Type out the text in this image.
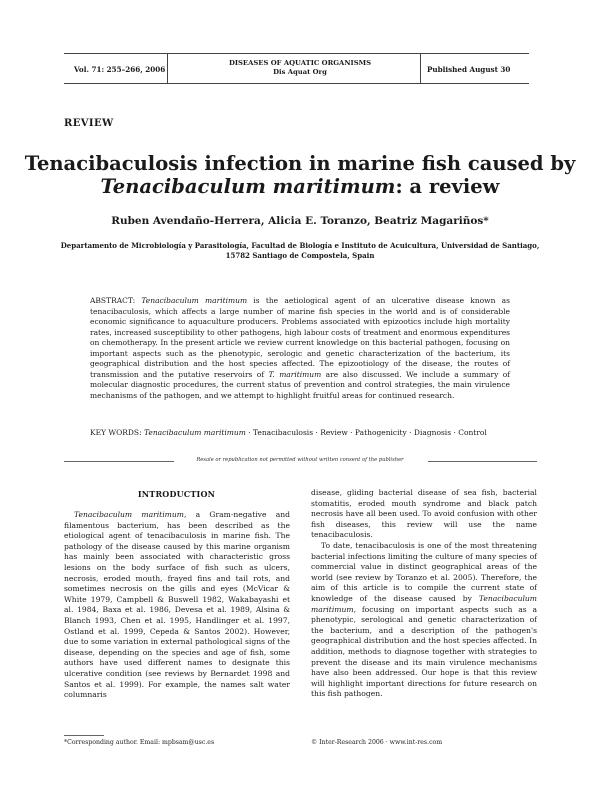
Vol. 71: 255–266, 2006
DISEASES OF AQUATIC ORGANISMS
Dis Aquat Org	Published August 30
REVIEW
Tenacibaculosis infection in marine fish caused by
Tenacibaculum maritimum: a review
Ruben Avendaño-Herrera, Alicia E. Toranzo, Beatriz Magariños*
Departamento de Microbiología y Parasitología, Facultad de Biología e Instituto de Acuicultura, Universidad de Santiago,
15782 Santiago de Compostela, Spain
ABSTRACT: Tenacibaculum maritimum is the aetiological agent of an ulcerative disease known as tenacibaculosis, which affects a large number of marine fish species in the world and is of considerable economic significance to aquaculture producers. Problems associated with epizootics include high mortality rates, increased susceptibility to other pathogens, high labour costs of treatment and enormous expenditures on chemotherapy. In the present article we review current knowledge on this bacterial pathogen, focusing on important aspects such as the phenotypic, serologic and genetic characterization of the bacterium, its geographical distribution and the host species affected. The epizootiology of the disease, the routes of transmission and the putative reservoirs of T. maritimum are also discussed. We include a summary of molecular diagnostic procedures, the current status of prevention and control strategies, the main virulence mechanisms of the pathogen, and we attempt to highlight fruitful areas for continued research.
KEY WORDS: Tenacibaculum maritimum · Tenacibaculosis · Review · Pathogenicity · Diagnosis · Control
Resale or republication not permitted without written consent of the publisher
INTRODUCTION

Tenacibaculum maritimum, a Gram-negative and filamentous bacterium, has been described as the etiological agent of tenacibaculosis in marine fish. The pathology of the disease caused by this marine organism has mainly been associated with characteristic gross lesions on the body surface of fish such as ulcers, necrosis, eroded mouth, frayed fins and tail rots, and sometimes necrosis on the gills and eyes (McVicar & White 1979, Campbell & Buswell 1982, Wakabayashi et al. 1984, Baxa et al. 1986, Devesa et al. 1989, Alsina & Blanch 1993, Chen et al. 1995, Handlinger et al. 1997, Ostland et al. 1999, Cepeda & Santos 2002). However, due to some variation in external pathological signs of the disease, depending on the species and age of fish, some authors have used different names to designate this ulcerative condition (see reviews by Bernardet 1998 and Santos et al. 1999). For example, the names salt water columnaris

disease, gliding bacterial disease of sea fish, bacterial stomatitis, eroded mouth syndrome and black patch necrosis have all been used. To avoid confusion with other fish diseases, this review will use the name tenacibaculosis.

To date, tenacibaculosis is one of the most threatening bacterial infections limiting the culture of many species of commercial value in distinct geographical areas of the world (see review by Toranzo et al. 2005). Therefore, the aim of this article is to compile the current state of knowledge of the disease caused by Tenacibaculum maritimum, focusing on important aspects such as a phenotypic, serological and genetic characterization of the bacterium, and a description of the pathogen's geographical distribution and the host species affected. In addition, methods to diagnose together with strategies to prevent the disease and its main virulence mechanisms have also been addressed. Our hope is that this review will highlight important directions for future research on this fish pathogen.

*Corresponding author. Email: mpbsam@usc.es	© Inter-Research 2006 · www.int-res.com
